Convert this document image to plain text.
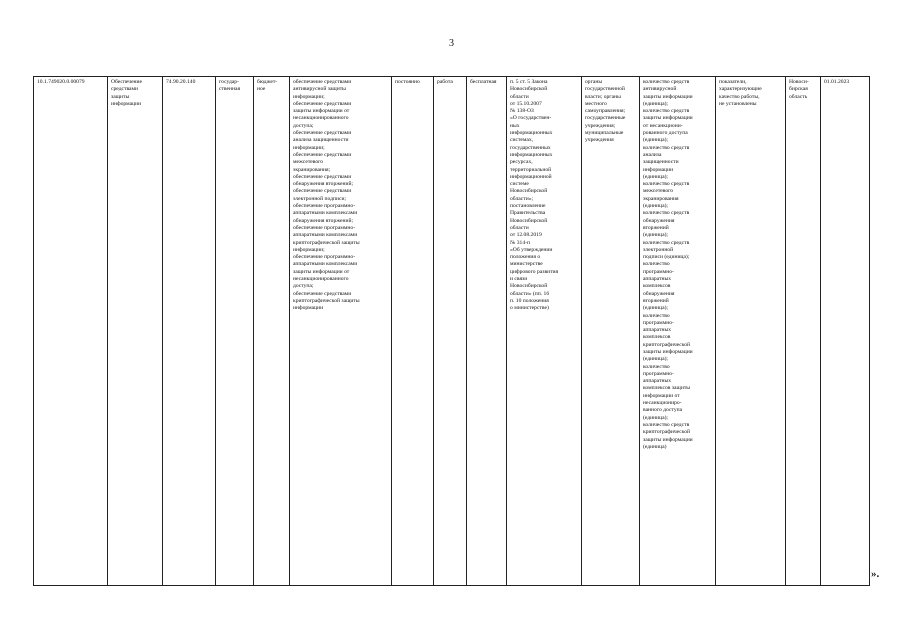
3
10.1.749020.0.00079	Обеспечение
средствами
защиты
информации	74.90.20.140	государ-
ственная	бюджет-
ное	обеспечение средствами
антивирусной защиты
информации;
обеспечение средствами
защиты информации от
несанкционированного
доступа;
обеспечение средствами
анализа защищенности
информации;
обеспечение средствами
межсетевого
экранирования;
обеспечение средствами
обнаружения вторжений;
обеспечение средствами
электронной подписи;
обеспечение программно-
аппаратными комплексами
обнаружения вторжений;
обеспечение программно-
аппаратными комплексами
криптографической защиты
информации;
обеспечение программно-
аппаратными комплексами
защиты информации от
несанкционированного
доступа;
обеспечение средствами
криптографической защиты
информации	постоянно	работа	бесплатная	п. 5 ст. 5 Закона
Новосибирской
области
от 15.10.2007
№ 138-ОЗ
«О государствен-
ных
информационных
системах,
государственных
информационных
ресурсах,
территориальной
информационной
системе
Новосибирской
области»;
постановление
Правительства
Новосибирской
области
от 12.08.2019
№ 314-п
«Об утверждении
положения о
министерстве
цифрового развития
и связи
Новосибирской
области» (пп. 16
п. 10 положения
о министерстве)	органы
государственной
власти; органы
местного
самоуправления;
государственные
учреждения;
муниципальные
учреждения	количество средств
антивирусной
защиты информации
(единица);
количество средств
защиты информации
от несанкциони-
рованного доступа
(единица);
количество средств
анализа
защищенности
информации
(единица);
количество средств
межсетевого
экранирования
(единица);
количество средств
обнаружения
вторжений
(единица);
количество средств
электронной
подписи (единица);
количество
программно-
аппаратных
комплексов
обнаружения
вторжений
(единица);
количество
программно-
аппаратных
комплексов
криптографической
защиты информации
(единица);
количество
программно-
аппаратных
комплексов защиты
информации от
несанкциониро-
ванного доступа
(единица);
количество средств
криптографической
защиты информации
(единица)	показатели,
характеризующие
качество работы,
не установлены	Новоси-
бирская
область	01.01.2023
».
